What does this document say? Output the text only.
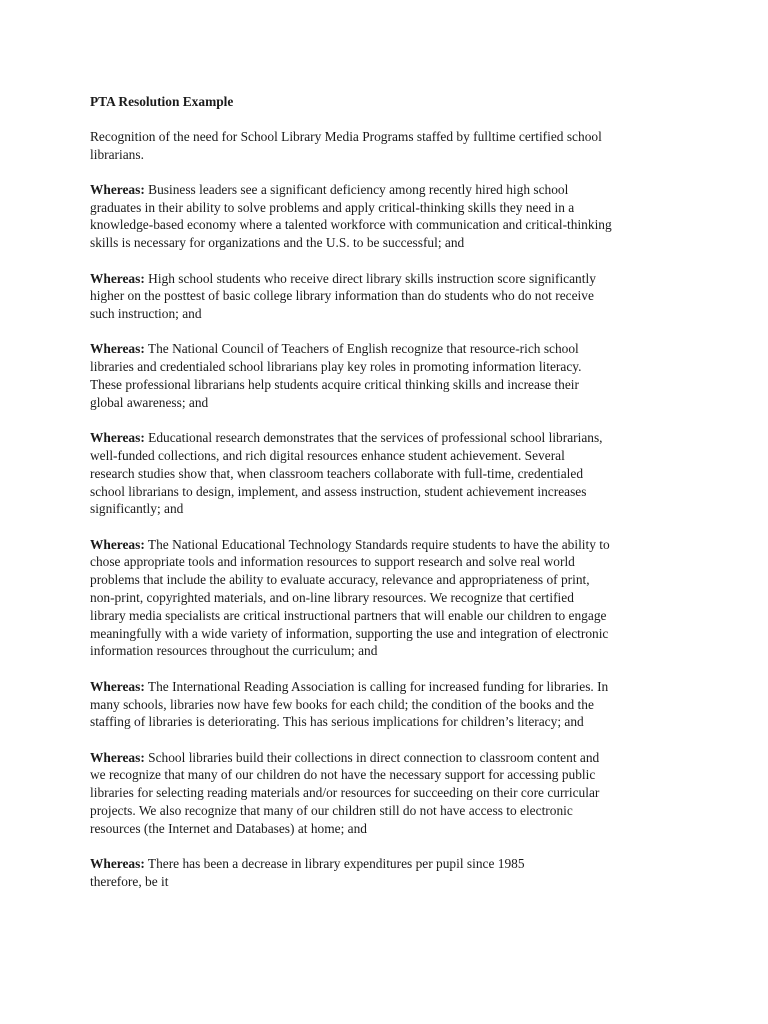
PTA Resolution Example
Recognition of the need for School Library Media Programs staffed by fulltime certified school
librarians.
Whereas: Business leaders see a significant deficiency among recently hired high school
graduates in their ability to solve problems and apply critical-thinking skills they need in a
knowledge-based economy where a talented workforce with communication and critical-thinking
skills is necessary for organizations and the U.S. to be successful; and
Whereas: High school students who receive direct library skills instruction score significantly
higher on the posttest of basic college library information than do students who do not receive
such instruction; and
Whereas: The National Council of Teachers of English recognize that resource-rich school
libraries and credentialed school librarians play key roles in promoting information literacy.
These professional librarians help students acquire critical thinking skills and increase their
global awareness; and
Whereas: Educational research demonstrates that the services of professional school librarians,
well-funded collections, and rich digital resources enhance student achievement. Several
research studies show that, when classroom teachers collaborate with full-time, credentialed
school librarians to design, implement, and assess instruction, student achievement increases
significantly; and
Whereas: The National Educational Technology Standards require students to have the ability to
chose appropriate tools and information resources to support research and solve real world
problems that include the ability to evaluate accuracy, relevance and appropriateness of print,
non-print, copyrighted materials, and on-line library resources. We recognize that certified
library media specialists are critical instructional partners that will enable our children to engage
meaningfully with a wide variety of information, supporting the use and integration of electronic
information resources throughout the curriculum; and
Whereas: The International Reading Association is calling for increased funding for libraries. In
many schools, libraries now have few books for each child; the condition of the books and the
staffing of libraries is deteriorating. This has serious implications for children’s literacy; and
Whereas: School libraries build their collections in direct connection to classroom content and
we recognize that many of our children do not have the necessary support for accessing public
libraries for selecting reading materials and/or resources for succeeding on their core curricular
projects. We also recognize that many of our children still do not have access to electronic
resources (the Internet and Databases) at home; and
Whereas: There has been a decrease in library expenditures per pupil since 1985
therefore, be it
